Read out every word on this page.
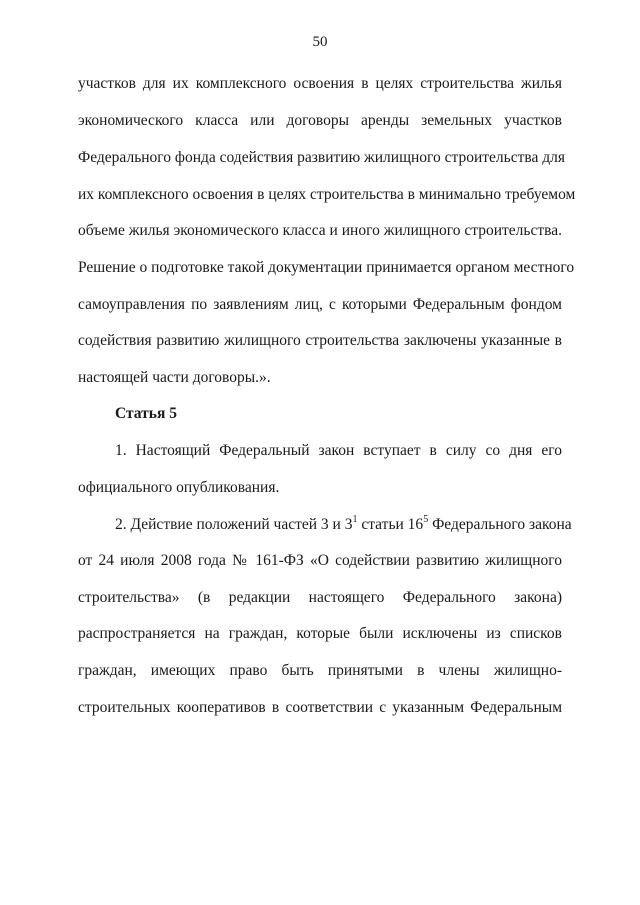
50
участков для их комплексного освоения в целях строительства жилья
экономического класса или договоры аренды земельных участков
Федерального фонда содействия развитию жилищного строительства для
их комплексного освоения в целях строительства в минимально требуемом
объеме жилья экономического класса и иного жилищного строительства.
Решение о подготовке такой документации принимается органом местного
самоуправления по заявлениям лиц, с которыми Федеральным фондом
содействия развитию жилищного строительства заключены указанные в
настоящей части договоры.».
Статья 5
1. Настоящий Федеральный закон вступает в силу со дня его
официального опубликования.
2. Действие положений частей 3 и $3^1$ статьи $16^5$ Федерального закона
от 24 июля 2008 года № 161-ФЗ «О содействии развитию жилищного
строительства» (в редакции настоящего Федерального закона)
распространяется на граждан, которые были исключены из списков
граждан, имеющих право быть принятыми в члены жилищно-
строительных кооперативов в соответствии с указанным Федеральным
